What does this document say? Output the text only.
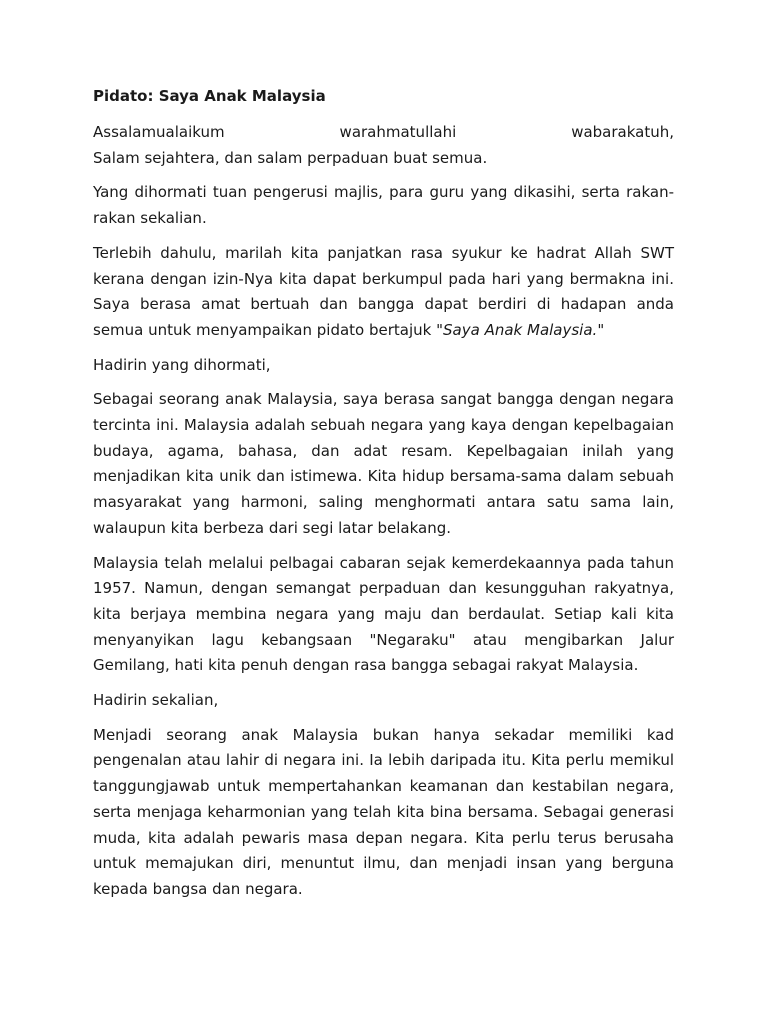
Pidato: Saya Anak Malaysia
Assalamualaikum	warahmatullahi	wabarakatuh,
Salam sejahtera, dan salam perpaduan buat semua.

Yang dihormati tuan pengerusi majlis, para guru yang dikasihi, serta rakan-rakan sekalian.

Terlebih dahulu, marilah kita panjatkan rasa syukur ke hadrat Allah SWT kerana dengan izin-Nya kita dapat berkumpul pada hari yang bermakna ini. Saya berasa amat bertuah dan bangga dapat berdiri di hadapan anda semua untuk menyampaikan pidato bertajuk "Saya Anak Malaysia."

Hadirin yang dihormati,

Sebagai seorang anak Malaysia, saya berasa sangat bangga dengan negara tercinta ini. Malaysia adalah sebuah negara yang kaya dengan kepelbagaian budaya, agama, bahasa, dan adat resam. Kepelbagaian inilah yang menjadikan kita unik dan istimewa. Kita hidup bersama-sama dalam sebuah masyarakat yang harmoni, saling menghormati antara satu sama lain, walaupun kita berbeza dari segi latar belakang.

Malaysia telah melalui pelbagai cabaran sejak kemerdekaannya pada tahun 1957. Namun, dengan semangat perpaduan dan kesungguhan rakyatnya, kita berjaya membina negara yang maju dan berdaulat. Setiap kali kita menyanyikan lagu kebangsaan "Negaraku" atau mengibarkan Jalur Gemilang, hati kita penuh dengan rasa bangga sebagai rakyat Malaysia.

Hadirin sekalian,

Menjadi seorang anak Malaysia bukan hanya sekadar memiliki kad pengenalan atau lahir di negara ini. Ia lebih daripada itu. Kita perlu memikul tanggungjawab untuk mempertahankan keamanan dan kestabilan negara, serta menjaga keharmonian yang telah kita bina bersama. Sebagai generasi muda, kita adalah pewaris masa depan negara. Kita perlu terus berusaha untuk memajukan diri, menuntut ilmu, dan menjadi insan yang berguna kepada bangsa dan negara.
